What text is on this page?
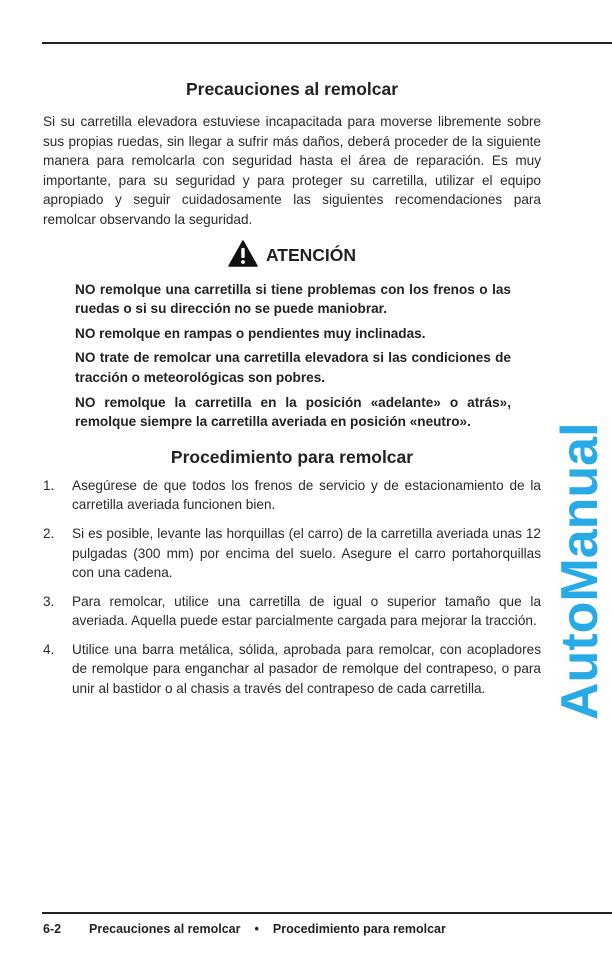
Precauciones al remolcar

Si su carretilla elevadora estuviese incapacitada para moverse libremente sobre sus propias ruedas, sin llegar a sufrir más daños, deberá proceder de la siguiente manera para remolcarla con seguridad hasta el área de reparación. Es muy importante, para su seguridad y para proteger su carretilla, utilizar el equipo apropiado y seguir cuidadosamente las siguientes recomendaciones para remolcar observando la seguridad.

ATENCIÓN

NO remolque una carretilla si tiene problemas con los frenos o las ruedas o si su dirección no se puede maniobrar.

NO remolque en rampas o pendientes muy inclinadas.

NO trate de remolcar una carretilla elevadora si las condiciones de tracción o meteorológicas son pobres.

NO remolque la carretilla en la posición «adelante» o atrás», remolque siempre la carretilla averiada en posición «neutro».

Procedimiento para remolcar
1.	Asegúrese de que todos los frenos de servicio y de estacionamiento de la carretilla averiada funcionen bien.
2.	Si es posible, levante las horquillas (el carro) de la carretilla averiada unas 12 pulgadas (300 mm) por encima del suelo. Asegure el carro portahorquillas con una cadena.
3.	Para remolcar, utilice una carretilla de igual o superior tamaño que la averiada. Aquella puede estar parcialmente cargada para mejorar la tracción.
4.	Utilice una barra metálica, sólida, aprobada para remolcar, con acopladores de remolque para enganchar al pasador de remolque del contrapeso, o para unir al bastidor o al chasis a través del contrapeso de cada carretilla.
6-2	Precauciones al remolcar • Procedimiento para remolcar
AutoManual
